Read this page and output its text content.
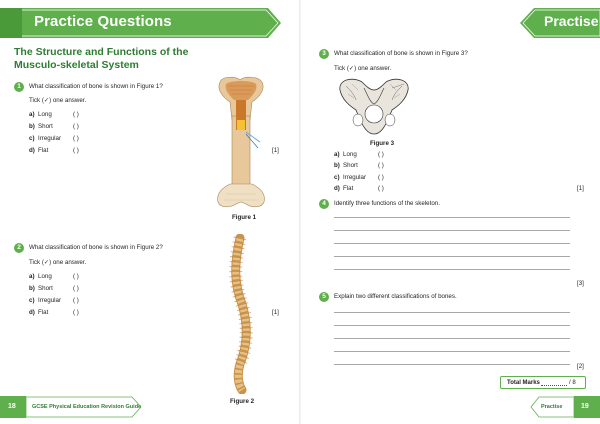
Practice Questions	Practise
The Structure and Functions of the Musculo-skeletal System
1	What classification of bone is shown in Figure 1?
Tick (✓) one answer.
a) Long	( )
b) Short	( )
c) Irregular ( )
d) Flat	( )	[1]
Figure 1
2	What classification of bone is shown in Figure 2?
Tick (✓) one answer.
a) Long	( )
b) Short	( )
c) Irregular ( )
d) Flat	( )	[1]
Figure 2
3	What classification of bone is shown in Figure 3?
Tick (✓) one answer.
Figure 3
a) Long	( )
b) Short	( )
c) Irregular ( )
d) Flat	( )	[1]
4	Identify three functions of the skeleton.
[3]
5	Explain two different classifications of bones.
[2]
Total Marks	/ 8
18	GCSE Physical Education Revision Guide	Practise	19
